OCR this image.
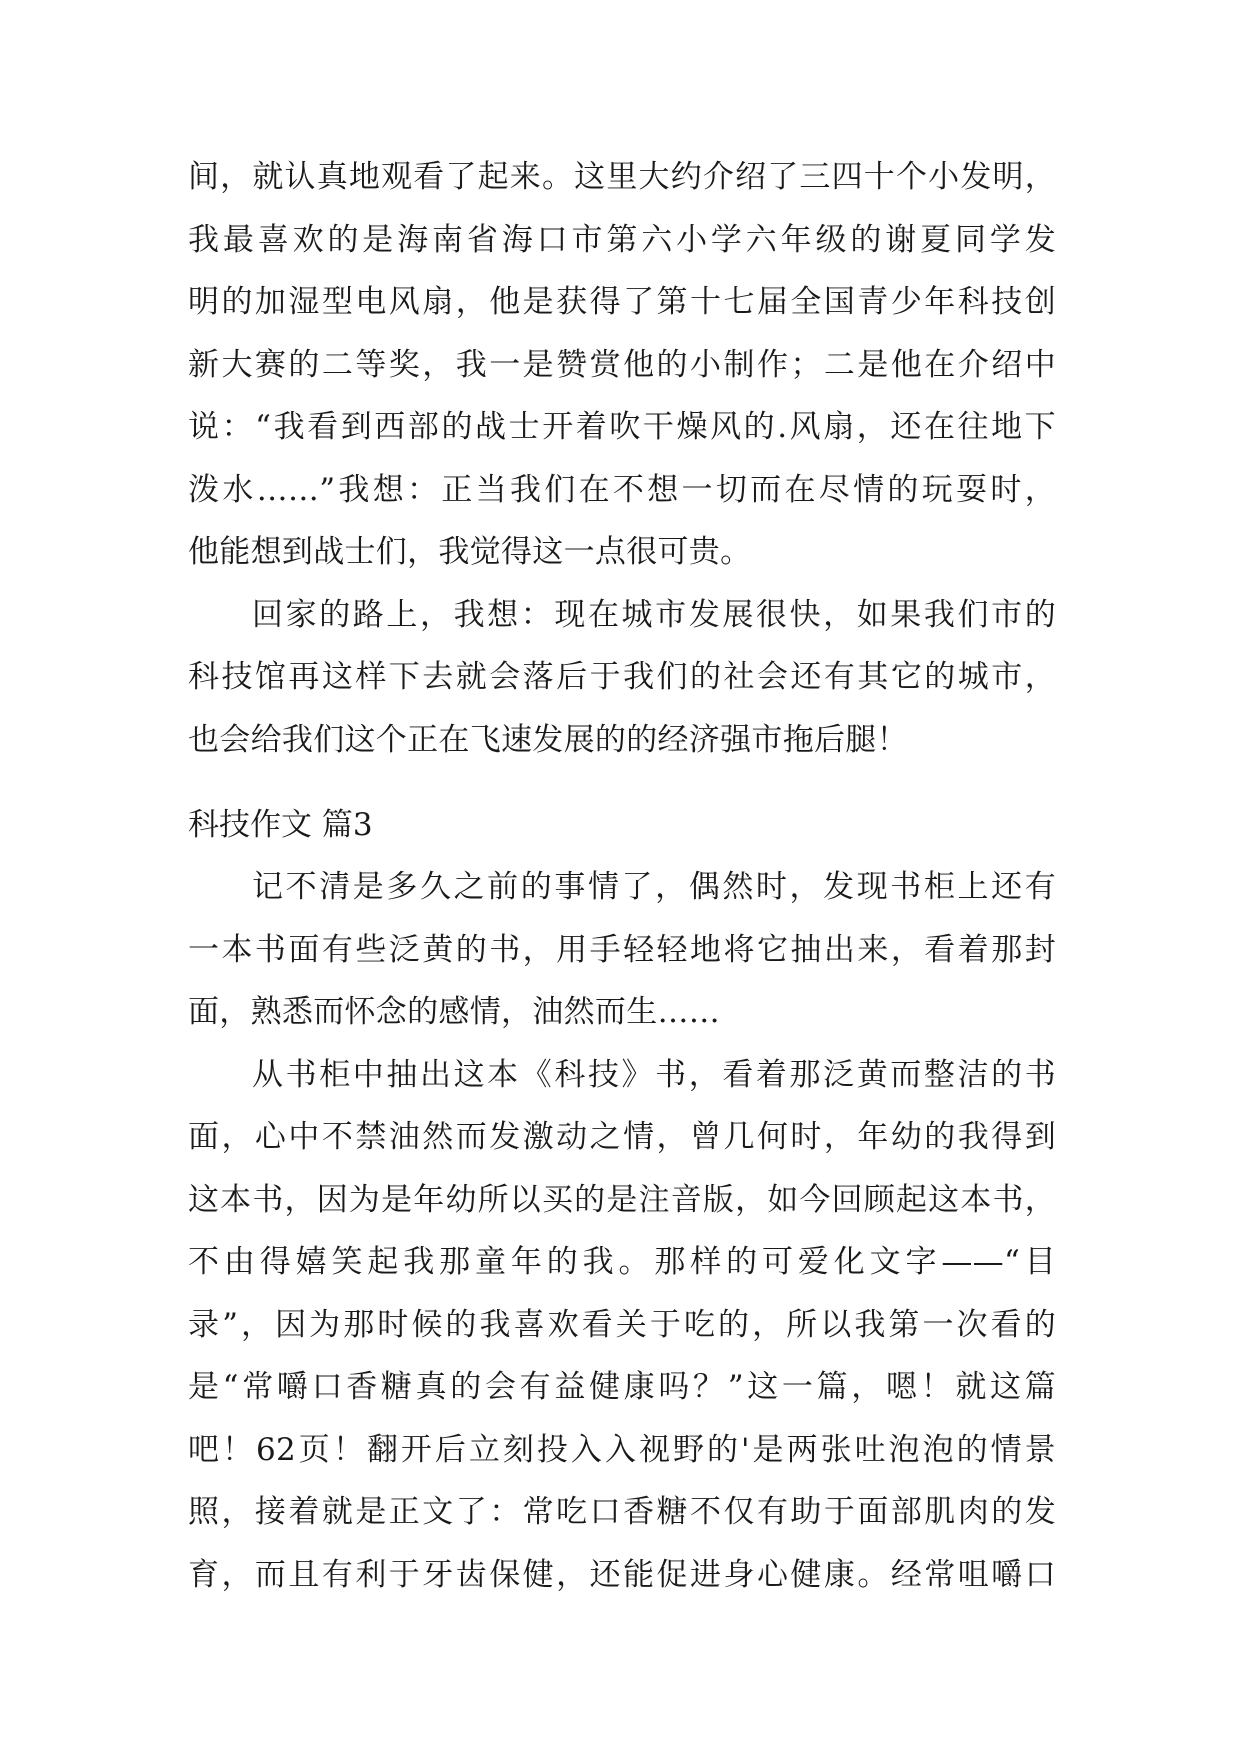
间，就认真地观看了起来。这里大约介绍了三四十个小发明，
我最喜欢的是海南省海口市第六小学六年级的谢夏同学发
明的加湿型电风扇，他是获得了第十七届全国青少年科技创
新大赛的二等奖，我一是赞赏他的小制作；二是他在介绍中
说：“我看到西部的战士开着吹干燥风的.风扇，还在往地下
泼水……”我想：正当我们在不想一切而在尽情的玩耍时，
他能想到战士们，我觉得这一点很可贵。
回家的路上，我想：现在城市发展很快，如果我们市的
科技馆再这样下去就会落后于我们的社会还有其它的城市，
也会给我们这个正在飞速发展的的经济强市拖后腿！
科技作文 篇3
记不清是多久之前的事情了，偶然时，发现书柜上还有
一本书面有些泛黄的书，用手轻轻地将它抽出来，看着那封
面，熟悉而怀念的感情，油然而生……
从书柜中抽出这本《科技》书，看着那泛黄而整洁的书
面，心中不禁油然而发激动之情，曾几何时，年幼的我得到
这本书，因为是年幼所以买的是注音版，如今回顾起这本书，
不由得嬉笑起我那童年的我。那样的可爱化文字——“目
录”，因为那时候的我喜欢看关于吃的，所以我第一次看的
是“常嚼口香糖真的会有益健康吗？”这一篇，嗯！就这篇
吧！62页！翻开后立刻投入入视野的'是两张吐泡泡的情景
照，接着就是正文了：常吃口香糖不仅有助于面部肌肉的发
育，而且有利于牙齿保健，还能促进身心健康。经常咀嚼口
